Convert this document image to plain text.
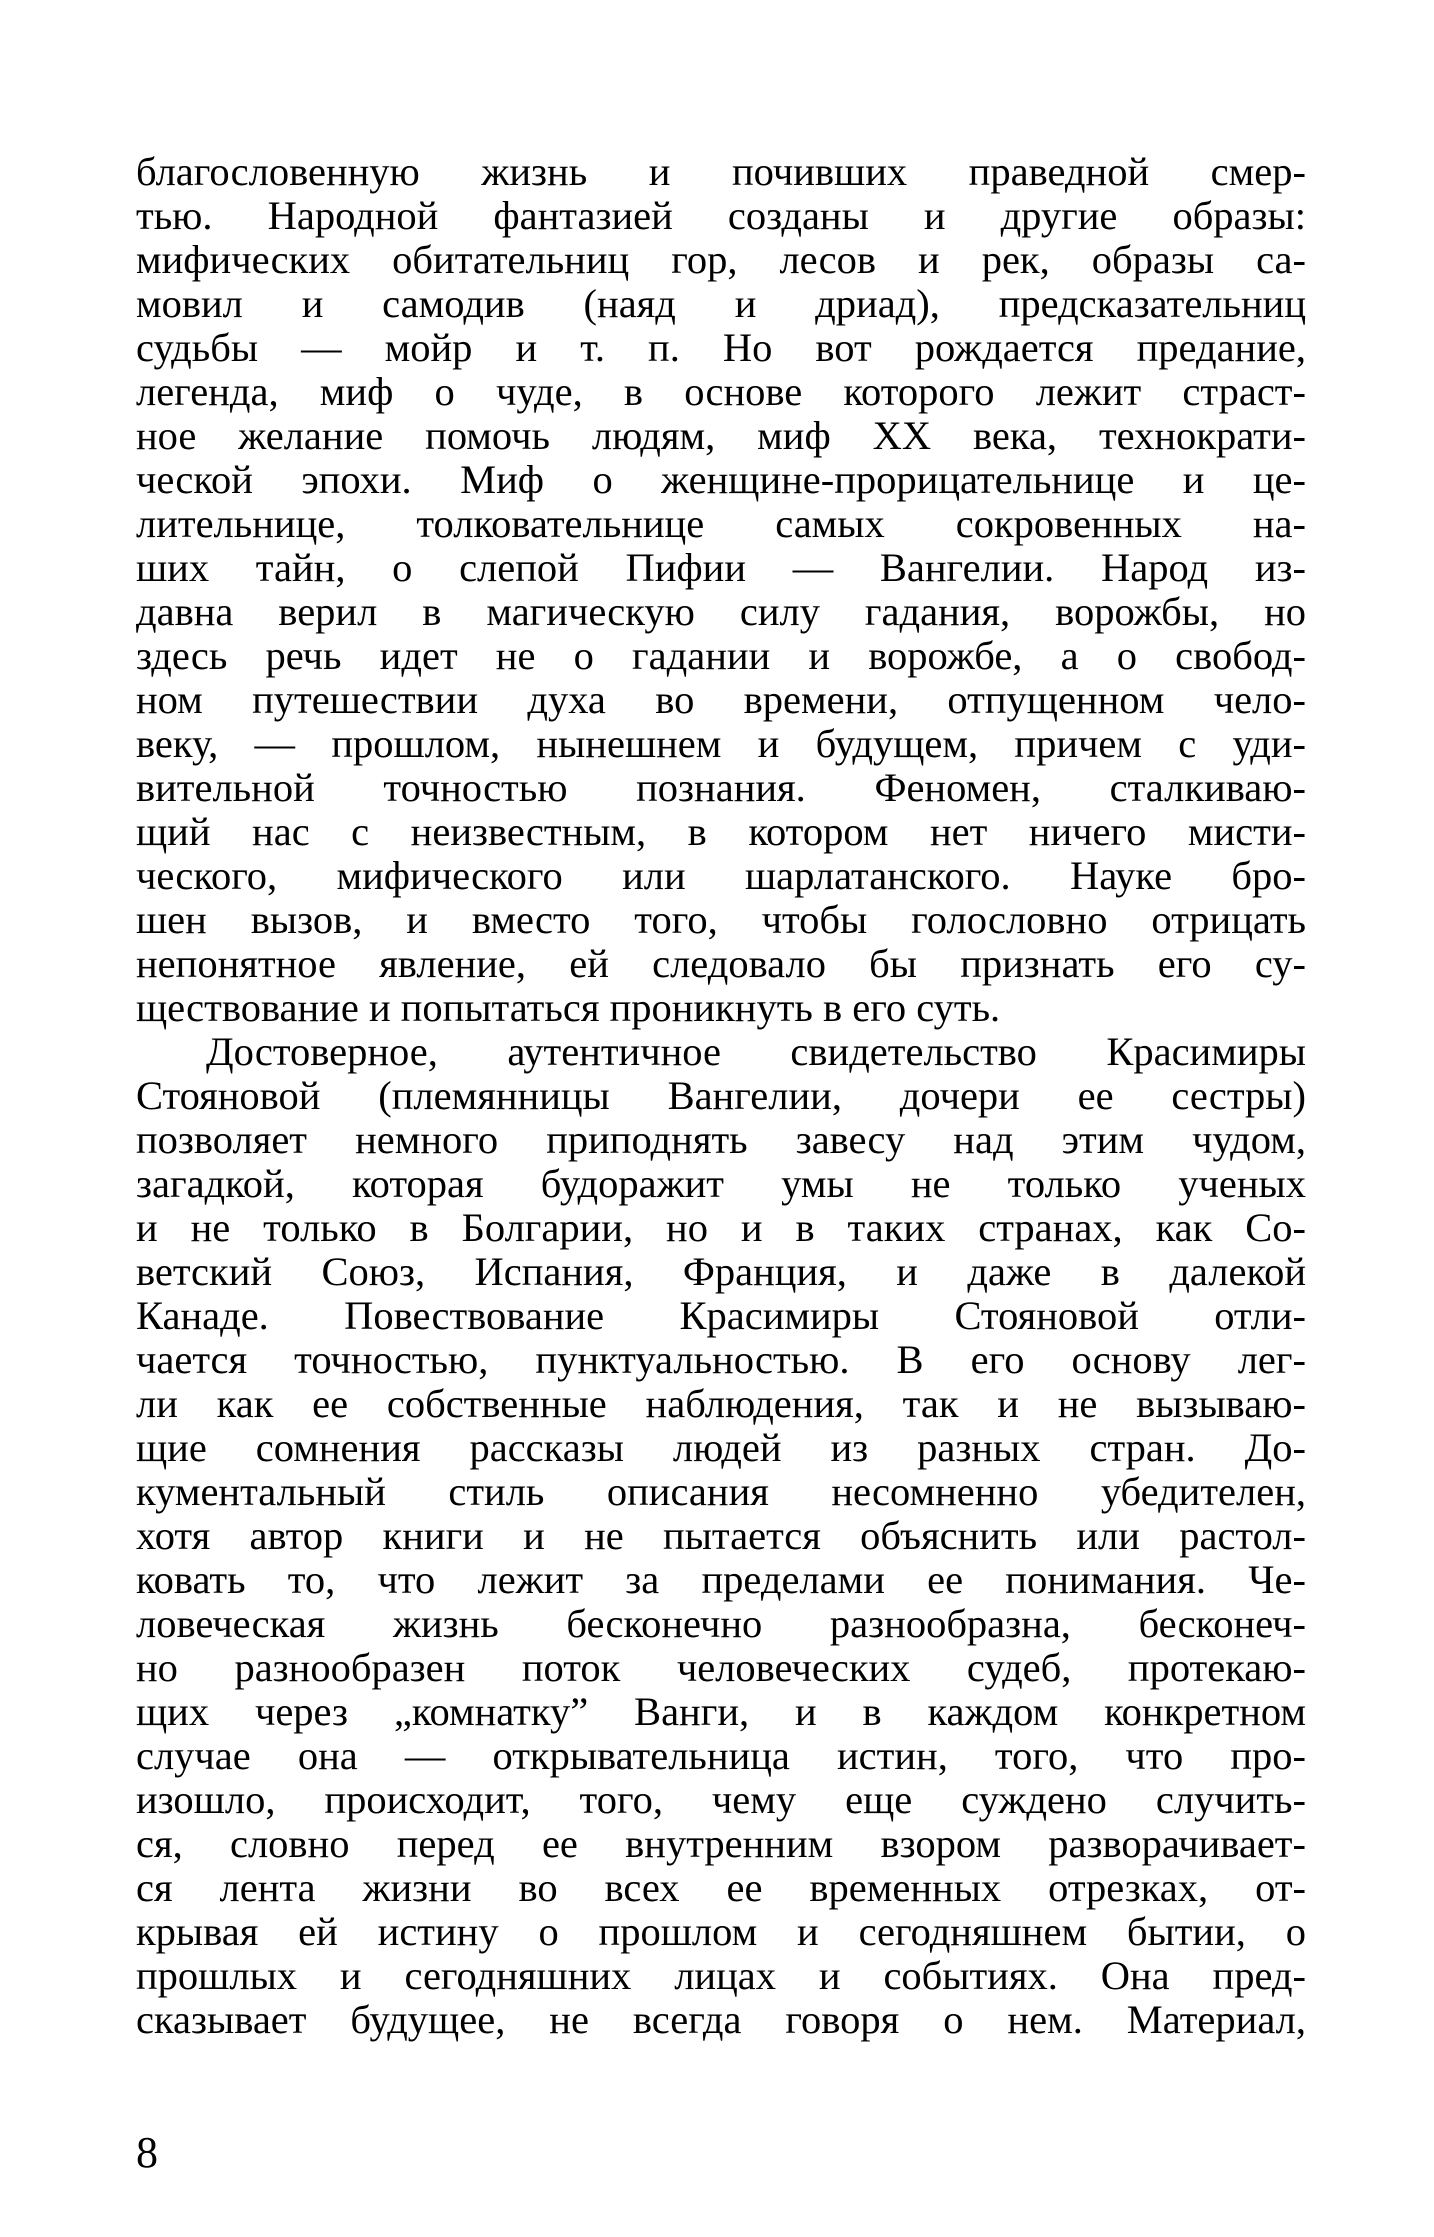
благословенную жизнь и почивших праведной смер-
тью. Народной фантазией созданы и другие образы:
мифических обитательниц гор, лесов и рек, образы са-
мовил и самодив (наяд и дриад), предсказательниц
судьбы — мойр и т. п. Но вот рождается предание,
легенда, миф о чуде, в основе которого лежит страст-
ное желание помочь людям, миф XX века, технократи-
ческой эпохи. Миф о женщине-прорицательнице и це-
лительнице, толковательнице самых сокровенных на-
ших тайн, о слепой Пифии — Вангелии. Народ из-
давна верил в магическую силу гадания, ворожбы, но
здесь речь идет не о гадании и ворожбе, а о свобод-
ном путешествии духа во времени, отпущенном чело-
веку, — прошлом, нынешнем и будущем, причем с уди-
вительной точностью познания. Феномен, сталкиваю-
щий нас с неизвестным, в котором нет ничего мисти-
ческого, мифического или шарлатанского. Науке бро-
шен вызов, и вместо того, чтобы голословно отрицать
непонятное явление, ей следовало бы признать его су-
ществование и попытаться проникнуть в его суть.
Достоверное, аутентичное свидетельство Красимиры
Стояновой (племянницы Вангелии, дочери ее сестры)
позволяет немного приподнять завесу над этим чудом,
загадкой, которая будоражит умы не только ученых
и не только в Болгарии, но и в таких странах, как Со-
ветский Союз, Испания, Франция, и даже в далекой
Канаде. Повествование Красимиры Стояновой отли-
чается точностью, пунктуальностью. В его основу лег-
ли как ее собственные наблюдения, так и не вызываю-
щие сомнения рассказы людей из разных стран. До-
кументальный стиль описания несомненно убедителен,
хотя автор книги и не пытается объяснить или растол-
ковать то, что лежит за пределами ее понимания. Че-
ловеческая жизнь бесконечно разнообразна, бесконеч-
но разнообразен поток человеческих судеб, протекаю-
щих через „комнатку” Ванги, и в каждом конкретном
случае она — открывательница истин, того, что про-
изошло, происходит, того, чему еще суждено случить-
ся, словно перед ее внутренним взором разворачивает-
ся лента жизни во всех ее временных отрезках, от-
крывая ей истину о прошлом и сегодняшнем бытии, о
прошлых и сегодняшних лицах и событиях. Она пред-
сказывает будущее, не всегда говоря о нем. Материал,
8
